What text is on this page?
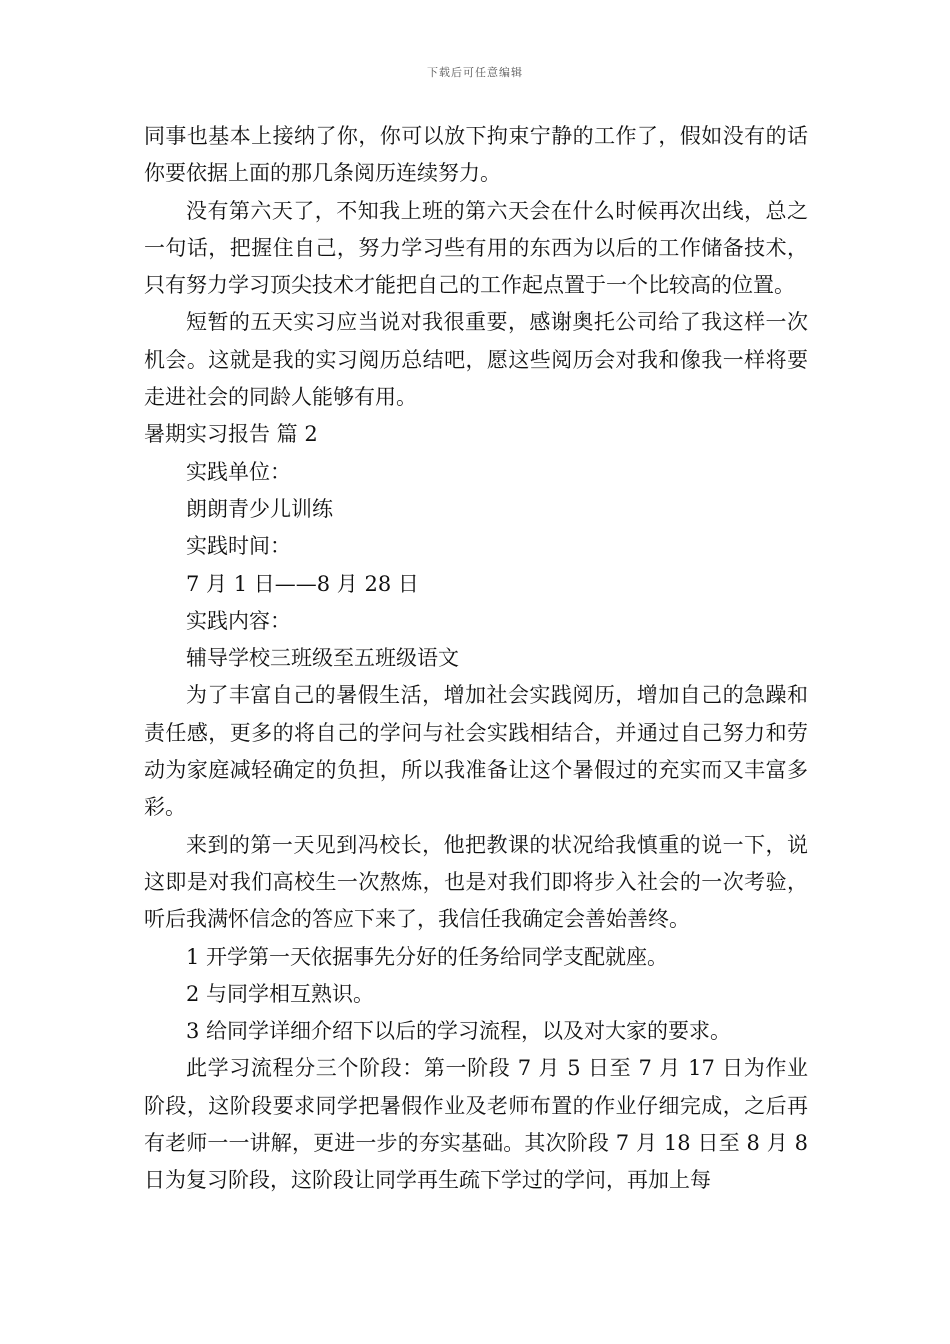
下载后可任意编辑

同事也基本上接纳了你，你可以放下拘束宁静的工作了，假如没有的话你要依据上面的那几条阅历连续努力。

没有第六天了，不知我上班的第六天会在什么时候再次出线，总之一句话，把握住自己，努力学习些有用的东西为以后的工作储备技术，只有努力学习顶尖技术才能把自己的工作起点置于一个比较高的位置。

短暂的五天实习应当说对我很重要，感谢奥托公司给了我这样一次机会。这就是我的实习阅历总结吧，愿这些阅历会对我和像我一样将要走进社会的同龄人能够有用。

暑期实习报告 篇 2

实践单位：

朗朗青少儿训练

实践时间：

7 月 1 日——8 月 28 日

实践内容：

辅导学校三班级至五班级语文

为了丰富自己的暑假生活，增加社会实践阅历，增加自己的急躁和责任感，更多的将自己的学问与社会实践相结合，并通过自己努力和劳动为家庭减轻确定的负担，所以我准备让这个暑假过的充实而又丰富多彩。

来到的第一天见到冯校长，他把教课的状况给我慎重的说一下，说这即是对我们高校生一次熬炼，也是对我们即将步入社会的一次考验，听后我满怀信念的答应下来了，我信任我确定会善始善终。

1 开学第一天依据事先分好的任务给同学支配就座。

2 与同学相互熟识。

3 给同学详细介绍下以后的学习流程，以及对大家的要求。

此学习流程分三个阶段：第一阶段 7 月 5 日至 7 月 17 日为作业阶段，这阶段要求同学把暑假作业及老师布置的作业仔细完成，之后再有老师一一讲解，更进一步的夯实基础。其次阶段 7 月 18 日至 8 月 8 日为复习阶段，这阶段让同学再生疏下学过的学问，再加上每
